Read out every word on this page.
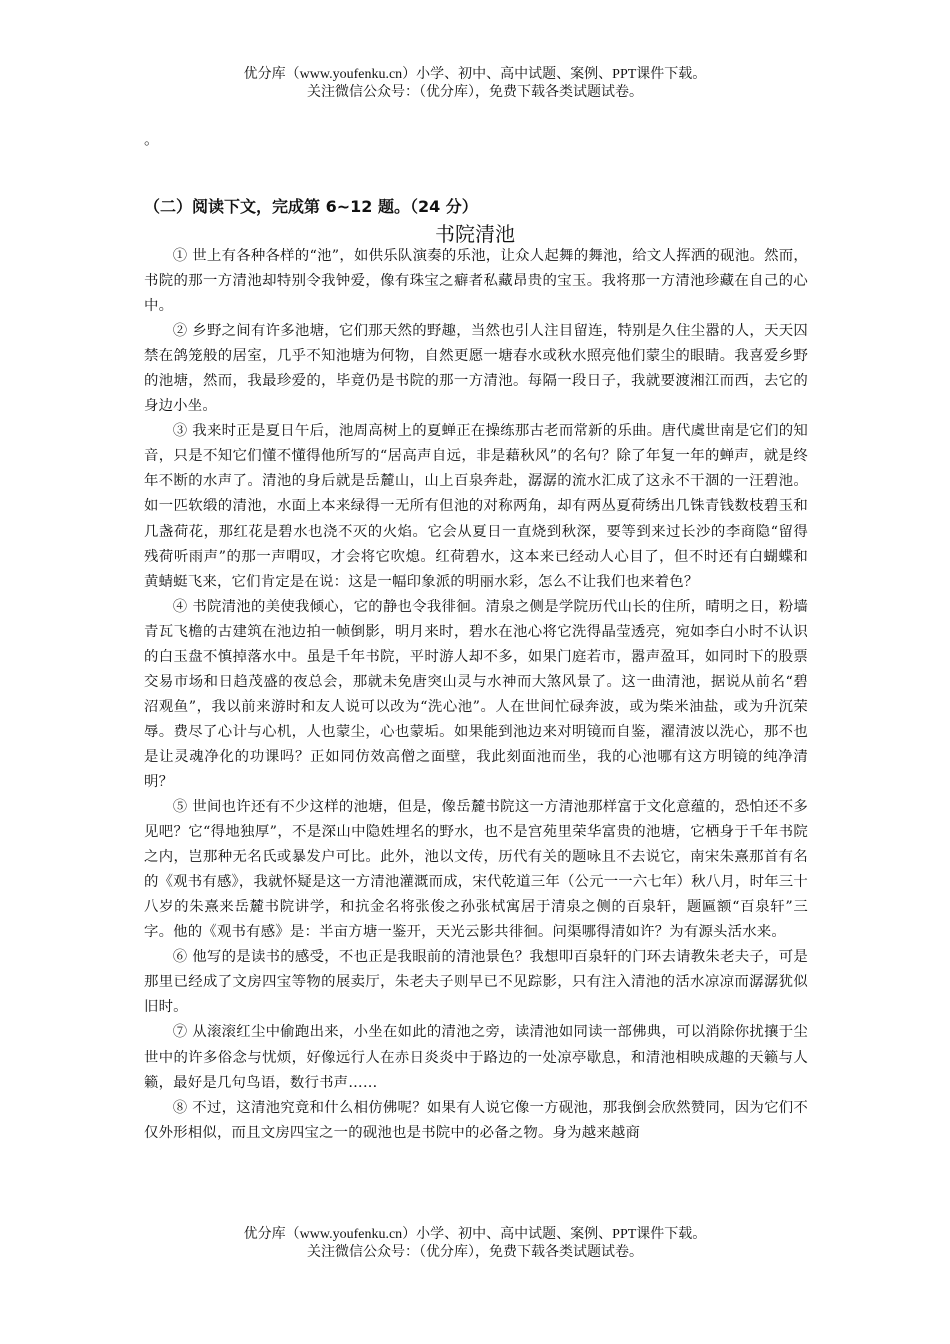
优分库（www.youfenku.cn）小学、初中、高中试题、案例、PPT课件下载。
关注微信公众号：（优分库），免费下载各类试题试卷。
。
（二）阅读下文，完成第 6~12 题。（24 分）
书院清池

① 世上有各种各样的“池”，如供乐队演奏的乐池，让众人起舞的舞池，给文人挥洒的砚池。然而，书院的那一方清池却特别令我钟爱，像有珠宝之癖者私藏昂贵的宝玉。我将那一方清池珍藏在自己的心中。

② 乡野之间有许多池塘，它们那天然的野趣，当然也引人注目留连，特别是久住尘嚣的人，天天囚禁在鸽笼般的居室，几乎不知池塘为何物，自然更愿一塘春水或秋水照亮他们蒙尘的眼睛。我喜爱乡野的池塘，然而，我最珍爱的，毕竟仍是书院的那一方清池。每隔一段日子，我就要渡湘江而西，去它的身边小坐。

③ 我来时正是夏日午后，池周高树上的夏蝉正在操练那古老而常新的乐曲。唐代虞世南是它们的知音，只是不知它们懂不懂得他所写的“居高声自远，非是藉秋风”的名句？除了年复一年的蝉声，就是终年不断的水声了。清池的身后就是岳麓山，山上百泉奔赴，潺潺的流水汇成了这永不干涸的一汪碧池。如一匹软缎的清池，水面上本来绿得一无所有但池的对称两角，却有两丛夏荷绣出几铢青钱数枝碧玉和几盏荷花，那红花是碧水也浇不灭的火焰。它会从夏日一直烧到秋深，要等到来过长沙的李商隐“留得残荷听雨声”的那一声喟叹，才会将它吹熄。红荷碧水，这本来已经动人心目了，但不时还有白蝴蝶和黄蜻蜓飞来，它们肯定是在说：这是一幅印象派的明丽水彩，怎么不让我们也来着色？

④ 书院清池的美使我倾心，它的静也令我徘徊。清泉之侧是学院历代山长的住所，晴明之日，粉墙青瓦飞檐的古建筑在池边拍一帧倒影，明月来时，碧水在池心将它洗得晶莹透亮，宛如李白小时不认识的白玉盘不慎掉落水中。虽是千年书院，平时游人却不多，如果门庭若市，嚣声盈耳，如同时下的股票交易市场和日趋茂盛的夜总会，那就未免唐突山灵与水神而大煞风景了。这一曲清池，据说从前名“碧沼观鱼”，我以前来游时和友人说可以改为“洗心池”。人在世间忙碌奔波，或为柴米油盐，或为升沉荣辱。费尽了心计与心机，人也蒙尘，心也蒙垢。如果能到池边来对明镜而自鉴，濯清波以洗心，那不也是让灵魂净化的功课吗？正如同仿效高僧之面壁，我此刻面池而坐，我的心池哪有这方明镜的纯净清明？

⑤ 世间也许还有不少这样的池塘，但是，像岳麓书院这一方清池那样富于文化意蕴的，恐怕还不多见吧？它“得地独厚”，不是深山中隐姓埋名的野水，也不是宫苑里荣华富贵的池塘，它栖身于千年书院之内，岂那种无名氏或暴发户可比。此外，池以文传，历代有关的题咏且不去说它，南宋朱熹那首有名的《观书有感》，我就怀疑是这一方清池灌溉而成，宋代乾道三年（公元一一六七年）秋八月，时年三十八岁的朱熹来岳麓书院讲学，和抗金名将张俊之孙张栻寓居于清泉之侧的百泉轩，题匾额“百泉轩”三字。他的《观书有感》是：半亩方塘一鉴开，天光云影共徘徊。问渠哪得清如许？为有源头活水来。

⑥ 他写的是读书的感受，不也正是我眼前的清池景色？我想叩百泉轩的门环去请教朱老夫子，可是那里已经成了文房四宝等物的展卖厅，朱老夫子则早已不见踪影，只有注入清池的活水凉凉而潺潺犹似旧时。

⑦ 从滚滚红尘中偷跑出来，小坐在如此的清池之旁，读清池如同读一部佛典，可以消除你扰攘于尘世中的许多俗念与忧烦，好像远行人在赤日炎炎中于路边的一处凉亭歇息，和清池相映成趣的天籁与人籁，最好是几句鸟语，数行书声……

⑧ 不过，这清池究竟和什么相仿佛呢？如果有人说它像一方砚池，那我倒会欣然赞同，因为它们不仅外形相似，而且文房四宝之一的砚池也是书院中的必备之物。身为越来越商

优分库（www.youfenku.cn）小学、初中、高中试题、案例、PPT课件下载。
关注微信公众号：（优分库），免费下载各类试题试卷。
